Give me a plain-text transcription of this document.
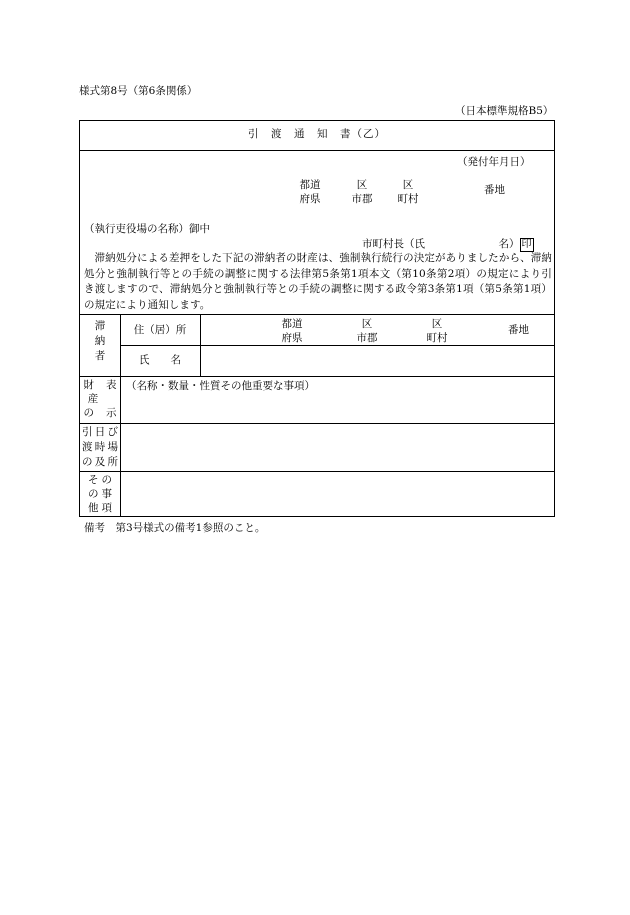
様式第8号（第6条関係）
（日本標準規格B5）
引　渡　通　知　書（乙）
（発付年月日）
都道
府県
区
市郡
区
町村
番地
（執行吏役場の名称）御中
市町村長（氏　　　　　　　名） 印
滞納処分による差押をした下記の滞納者の財産は、強制執行続行の決定がありましたから、滞納処分と強制執行等との手続の調整に関する法律第5条第1項本文（第10条第2項）の規定により引き渡しますので、滞納処分と強制執行等との手続の調整に関する政令第3条第1項（第5条第1項）の規定により通知します。
滞
納
者
住（居）所	都道
府県
区
市郡
区
町村
番地
氏　　名
財 表
産
の 示
（名称・数量・性質その他重要な事項）
引 日 び
渡 時 場
の 及 所
そ の
の 事
他 項
備考　第3号様式の備考1参照のこと。
